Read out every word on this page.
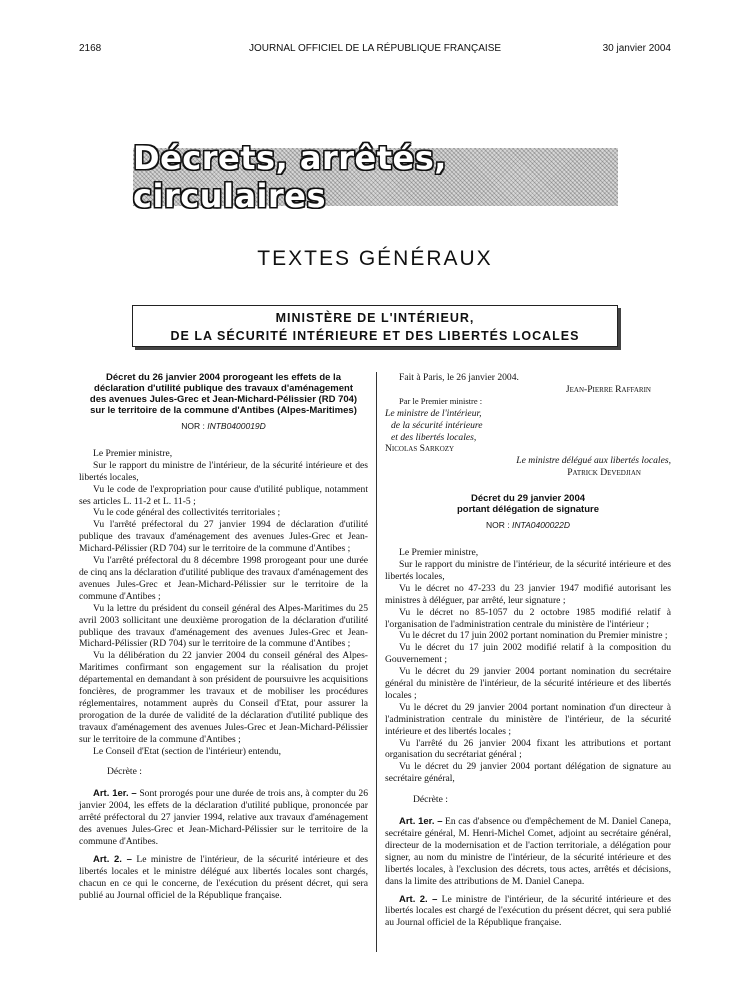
2168	JOURNAL OFFICIEL DE LA RÉPUBLIQUE FRANÇAISE	30 janvier 2004
Décrets, arrêtés, circulaires
TEXTES GÉNÉRAUX
MINISTÈRE DE L'INTÉRIEUR,
DE LA SÉCURITÉ INTÉRIEURE ET DES LIBERTÉS LOCALES
Décret du 26 janvier 2004 prorogeant les effets de la déclaration d'utilité publique des travaux d'aménagement des avenues Jules-Grec et Jean-Michard-Pélissier (RD 704) sur le territoire de la commune d'Antibes (Alpes-Maritimes)
NOR : INTB0400019D

Le Premier ministre,

Sur le rapport du ministre de l'intérieur, de la sécurité intérieure et des libertés locales,

Vu le code de l'expropriation pour cause d'utilité publique, notamment ses articles L. 11-2 et L. 11-5 ;

Vu le code général des collectivités territoriales ;

Vu l'arrêté préfectoral du 27 janvier 1994 de déclaration d'utilité publique des travaux d'aménagement des avenues Jules-Grec et Jean-Michard-Pélissier (RD 704) sur le territoire de la commune d'Antibes ;

Vu l'arrêté préfectoral du 8 décembre 1998 prorogeant pour une durée de cinq ans la déclaration d'utilité publique des travaux d'aménagement des avenues Jules-Grec et Jean-Michard-Pélissier sur le territoire de la commune d'Antibes ;

Vu la lettre du président du conseil général des Alpes-Maritimes du 25 avril 2003 sollicitant une deuxième prorogation de la déclaration d'utilité publique des travaux d'aménagement des avenues Jules-Grec et Jean-Michard-Pélissier (RD 704) sur le territoire de la commune d'Antibes ;

Vu la délibération du 22 janvier 2004 du conseil général des Alpes-Maritimes confirmant son engagement sur la réalisation du projet départemental en demandant à son président de poursuivre les acquisitions foncières, de programmer les travaux et de mobiliser les procédures réglementaires, notamment auprès du Conseil d'Etat, pour assurer la prorogation de la durée de validité de la déclaration d'utilité publique des travaux d'aménagement des avenues Jules-Grec et Jean-Michard-Pélissier sur le territoire de la commune d'Antibes ;

Le Conseil d'Etat (section de l'intérieur) entendu,

Décrète :

Art. 1er. – Sont prorogés pour une durée de trois ans, à compter du 26 janvier 2004, les effets de la déclaration d'utilité publique, prononcée par arrêté préfectoral du 27 janvier 1994, relative aux travaux d'aménagement des avenues Jules-Grec et Jean-Michard-Pélissier sur le territoire de la commune d'Antibes.

Art. 2. – Le ministre de l'intérieur, de la sécurité intérieure et des libertés locales et le ministre délégué aux libertés locales sont chargés, chacun en ce qui le concerne, de l'exécution du présent décret, qui sera publié au Journal officiel de la République française.

Fait à Paris, le 26 janvier 2004.

Jean-Pierre Raffarin
Par le Premier ministre :
Le ministre de l'intérieur,
de la sécurité intérieure
et des libertés locales,
Nicolas Sarkozy
Le ministre délégué aux libertés locales,
Patrick Devedjian
Décret du 29 janvier 2004
portant délégation de signature
NOR : INTA0400022D

Le Premier ministre,

Sur le rapport du ministre de l'intérieur, de la sécurité intérieure et des libertés locales,

Vu le décret no 47-233 du 23 janvier 1947 modifié autorisant les ministres à déléguer, par arrêté, leur signature ;

Vu le décret no 85-1057 du 2 octobre 1985 modifié relatif à l'organisation de l'administration centrale du ministère de l'intérieur ;

Vu le décret du 17 juin 2002 portant nomination du Premier ministre ;

Vu le décret du 17 juin 2002 modifié relatif à la composition du Gouvernement ;

Vu le décret du 29 janvier 2004 portant nomination du secrétaire général du ministère de l'intérieur, de la sécurité intérieure et des libertés locales ;

Vu le décret du 29 janvier 2004 portant nomination d'un directeur à l'administration centrale du ministère de l'intérieur, de la sécurité intérieure et des libertés locales ;

Vu l'arrêté du 26 janvier 2004 fixant les attributions et portant organisation du secrétariat général ;

Vu le décret du 29 janvier 2004 portant délégation de signature au secrétaire général,

Décrète :

Art. 1er. – En cas d'absence ou d'empêchement de M. Daniel Canepa, secrétaire général, M. Henri-Michel Comet, adjoint au secrétaire général, directeur de la modernisation et de l'action territoriale, a délégation pour signer, au nom du ministre de l'intérieur, de la sécurité intérieure et des libertés locales, à l'exclusion des décrets, tous actes, arrêtés et décisions, dans la limite des attributions de M. Daniel Canepa.

Art. 2. – Le ministre de l'intérieur, de la sécurité intérieure et des libertés locales est chargé de l'exécution du présent décret, qui sera publié au Journal officiel de la République française.
